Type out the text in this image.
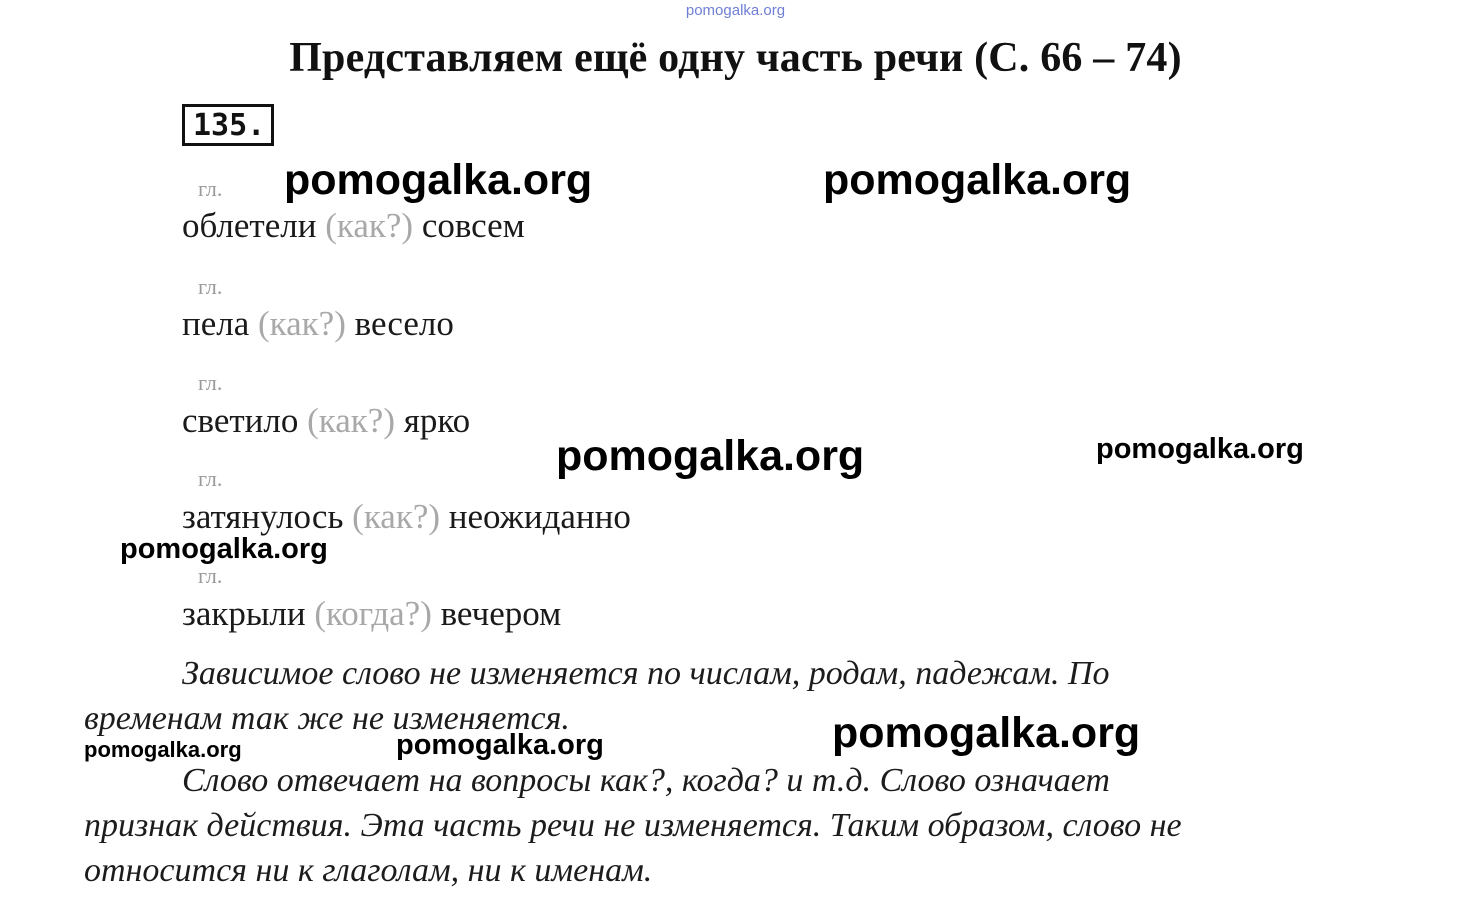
pomogalka.org
Представляем ещё одну часть речи (С. 66 – 74)
135.
гл.
облетели (как?) совсем
гл.
пела (как?) весело
гл.
светило (как?) ярко
гл.
затянулось (как?) неожиданно
гл.
закрыли (когда?) вечером
Зависимое слово не изменяется по числам, родам, падежам. По
временам так же не изменяется.
Слово отвечает на вопросы как?, когда? и т.д. Слово означает
признак действия. Эта часть речи не изменяется. Таким образом, слово не
относится ни к глаголам, ни к именам.
pomogalka.org	pomogalka.org
pomogalka.org	pomogalka.org
pomogalka.org
pomogalka.org
pomogalka.org	pomogalka.org
